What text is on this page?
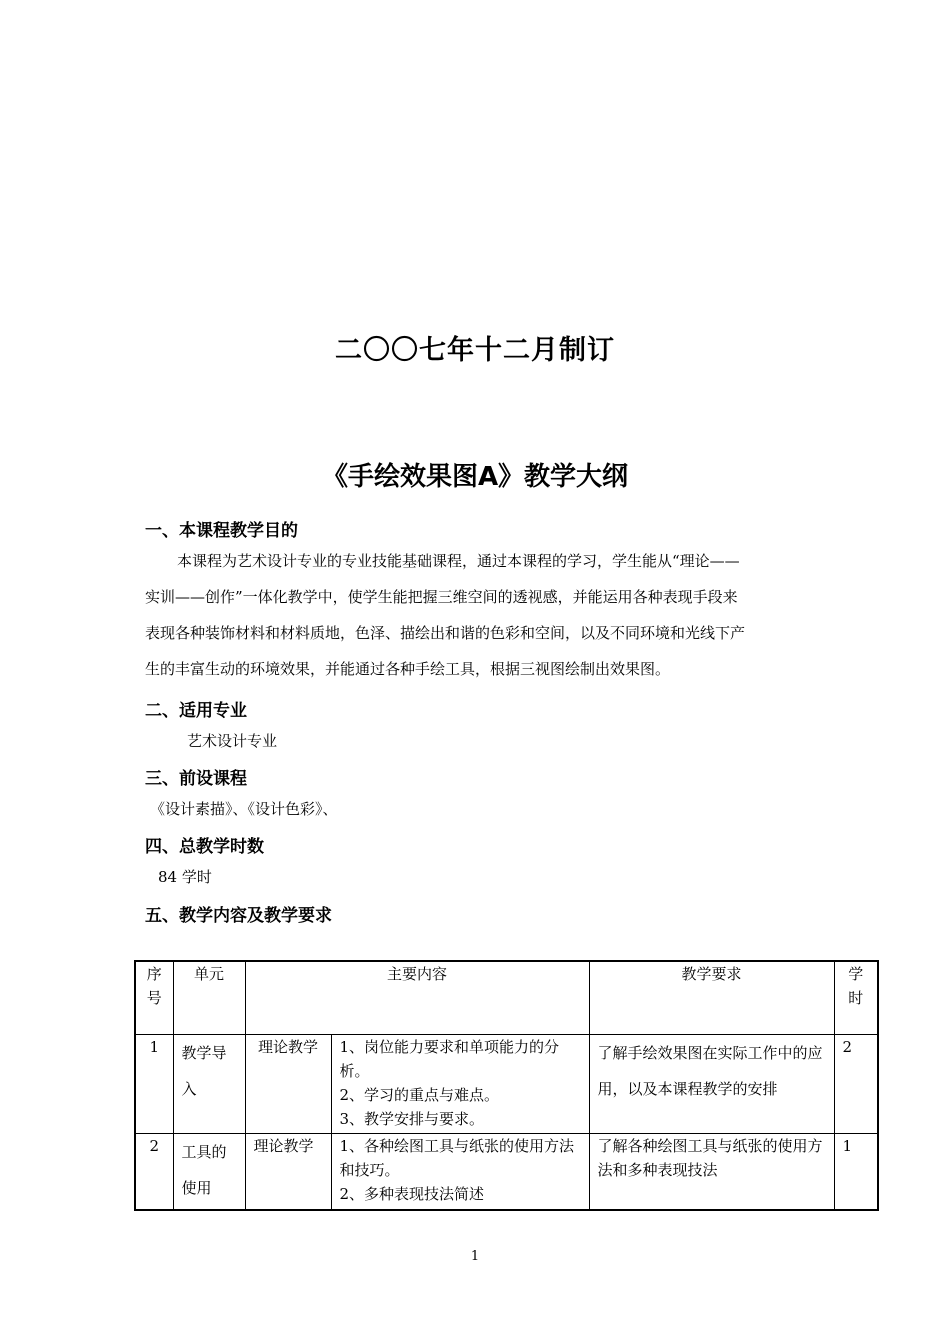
二〇〇七年十二月制订
《手绘效果图A》教学大纲
一、本课程教学目的
本课程为艺术设计专业的专业技能基础课程，通过本课程的学习，学生能从“理论——
实训——创作”一体化教学中，使学生能把握三维空间的透视感，并能运用各种表现手段来
表现各种装饰材料和材料质地，色泽、描绘出和谐的色彩和空间，以及不同环境和光线下产
生的丰富生动的环境效果，并能通过各种手绘工具，根据三视图绘制出效果图。
二、适用专业
艺术设计专业
三、前设课程
《设计素描》、《设计色彩》、
四、总教学时数
84 学时
五、教学内容及教学要求
序号	单元	主要内容		教学要求	学时
1	教学导入	理论教学	1、岗位能力要求和单项能力的分析。
2、学习的重点与难点。
3、教学安排与要求。	了解手绘效果图在实际工作中的应用，以及本课程教学的安排	2
2	工具的使用	理论教学	1、各种绘图工具与纸张的使用方法和技巧。
2、多种表现技法简述	了解各种绘图工具与纸张的使用方法和多种表现技法	1
1
